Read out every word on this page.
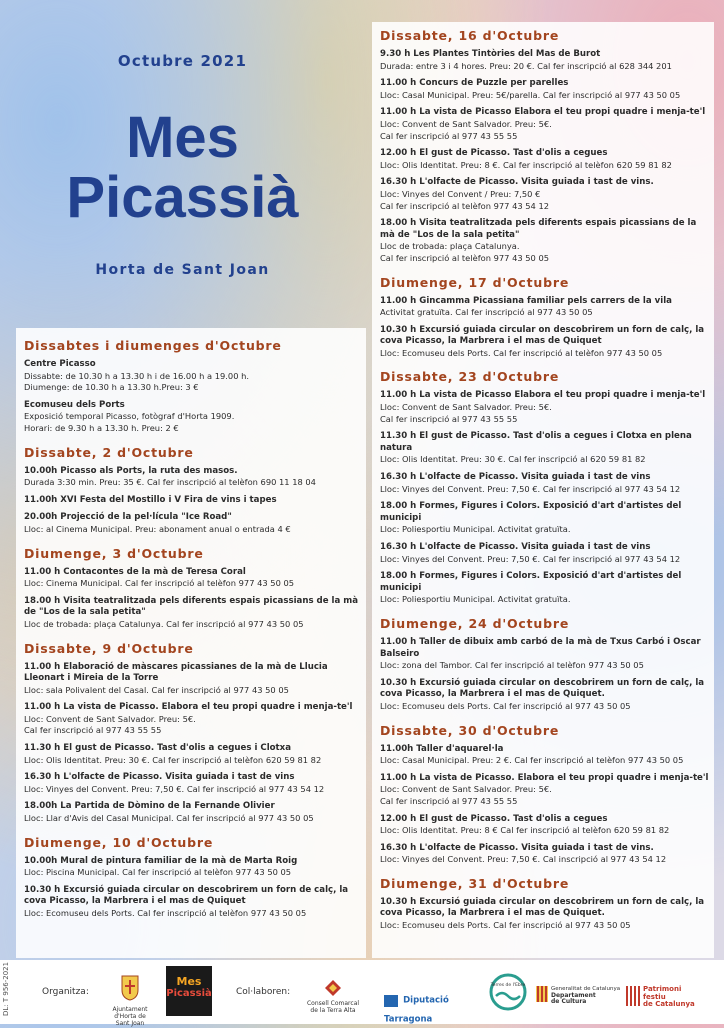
Octubre 2021
Mes
Picassià
Horta de Sant Joan
Dissabtes i diumenges d'Octubre
Centre Picasso
Dissabte: de 10.30 h a 13.30 h i de 16.00 h a 19.00 h.
Diumenge: de 10.30 h a 13.30 h.Preu: 3 €
Ecomuseu dels Ports
Exposició temporal Picasso, fotògraf d'Horta 1909.
Horari: de 9.30 h a 13.30 h. Preu: 2 €
Dissabte, 2 d'Octubre
10.00h Picasso als Ports, la ruta des masos.
Durada 3:30 min. Preu: 35 €. Cal fer inscripció al telèfon 690 11 18 04
11.00h XVI Festa del Mostillo i V Fira de vins i tapes
20.00h Projecció de la pel·lícula "Ice Road"
Lloc: al Cinema Municipal. Preu: abonament anual o entrada 4 €
Diumenge, 3 d'Octubre
11.00 h Contacontes de la mà de Teresa Coral
Lloc: Cinema Municipal. Cal fer inscripció al telèfon 977 43 50 05
18.00 h Visita teatralitzada pels diferents espais picassians de la mà de "Los de la sala petita"
Lloc de trobada: plaça Catalunya. Cal fer inscripció al 977 43 50 05
Dissabte, 9 d'Octubre
11.00 h Elaboració de màscares picassianes de la mà de Llucia Lleonart i Mireia de la Torre
Lloc: sala Polivalent del Casal. Cal fer inscripció al 977 43 50 05
11.00 h La vista de Picasso. Elabora el teu propi quadre i menja-te'l
Lloc: Convent de Sant Salvador. Preu: 5€.
Cal fer inscripció al 977 43 55 55
11.30 h El gust de Picasso. Tast d'olis a cegues i Clotxa
Lloc: Olis Identitat. Preu: 30 €. Cal fer inscripció al telèfon 620 59 81 82
16.30 h L'olfacte de Picasso. Visita guiada i tast de vins
Lloc: Vinyes del Convent. Preu: 7,50 €. Cal fer inscripció al 977 43 54 12
18.00h La Partida de Dòmino de la Fernande Olivier
Lloc: Llar d'Avis del Casal Municipal. Cal fer inscripció al 977 43 50 05
Diumenge, 10 d'Octubre
10.00h Mural de pintura familiar de la mà de Marta Roig
Lloc: Piscina Municipal. Cal fer inscripció al telèfon 977 43 50 05
10.30 h Excursió guiada circular on descobrirem un forn de calç, la cova Picasso, la Marbrera i el mas de Quiquet
Lloc: Ecomuseu dels Ports. Cal fer inscripció al telèfon 977 43 50 05
Dissabte, 16 d'Octubre
9.30 h Les Plantes Tintòries del Mas de Burot
Durada: entre 3 i 4 hores. Preu: 20 €. Cal fer inscripció al 628 344 201
11.00 h Concurs de Puzzle per parelles
Lloc: Casal Municipal. Preu: 5€/parella. Cal fer inscripció al 977 43 50 05
11.00 h La vista de Picasso Elabora el teu propi quadre i menja-te'l
Lloc: Convent de Sant Salvador. Preu: 5€.
Cal fer inscripció al 977 43 55 55
12.00 h El gust de Picasso. Tast d'olis a cegues
Lloc: Olis Identitat. Preu: 8 €. Cal fer inscripció al telèfon 620 59 81 82
16.30 h L'olfacte de Picasso. Visita guiada i tast de vins.
Lloc: Vinyes del Convent / Preu: 7,50 €
Cal fer inscripció al telèfon 977 43 54 12
18.00 h Visita teatralitzada pels diferents espais picassians de la mà de "Los de la sala petita"
Lloc de trobada: plaça Catalunya.
Cal fer inscripció al telèfon 977 43 50 05
Diumenge, 17 d'Octubre
11.00 h Gincamma Picassiana familiar pels carrers de la vila
Activitat gratuïta. Cal fer inscripció al 977 43 50 05
10.30 h Excursió guiada circular on descobrirem un forn de calç, la cova Picasso, la Marbrera i el mas de Quiquet
Lloc: Ecomuseu dels Ports. Cal fer inscripció al telèfon 977 43 50 05
Dissabte, 23 d'Octubre
11.00 h La vista de Picasso Elabora el teu propi quadre i menja-te'l
Lloc: Convent de Sant Salvador. Preu: 5€.
Cal fer inscripció al 977 43 55 55
11.30 h El gust de Picasso. Tast d'olis a cegues i Clotxa en plena natura
Lloc: Olis Identitat. Preu: 30 €. Cal fer inscripció al 620 59 81 82
16.30 h L'olfacte de Picasso. Visita guiada i tast de vins
Lloc: Vinyes del Convent. Preu: 7,50 €. Cal fer inscripció al 977 43 54 12
18.00 h Formes, Figures i Colors. Exposició d'art d'artistes del municipi
Lloc: Poliesportiu Municipal. Activitat gratuïta.
16.30 h L'olfacte de Picasso. Visita guiada i tast de vins
Lloc: Vinyes del Convent. Preu: 7,50 €. Cal fer inscripció al 977 43 54 12
18.00 h Formes, Figures i Colors. Exposició d'art d'artistes del municipi
Lloc: Poliesportiu Municipal. Activitat gratuïta.
Diumenge, 24 d'Octubre
11.00 h Taller de dibuix amb carbó de la mà de Txus Carbó i Oscar Balseiro
Lloc: zona del Tambor. Cal fer inscripció al telèfon 977 43 50 05
10.30 h Excursió guiada circular on descobrirem un forn de calç, la cova Picasso, la Marbrera i el mas de Quiquet.
Lloc: Ecomuseu dels Ports. Cal fer inscripció al 977 43 50 05
Dissabte, 30 d'Octubre
11.00h Taller d'aquarel·la
Lloc: Casal Municipal. Preu: 2 €. Cal fer inscripció al telèfon 977 43 50 05
11.00 h La vista de Picasso. Elabora el teu propi quadre i menja-te'l
Lloc: Convent de Sant Salvador. Preu: 5€.
Cal fer inscripció al 977 43 55 55
12.00 h El gust de Picasso. Tast d'olis a cegues
Lloc: Olis Identitat. Preu: 8 € Cal fer inscripció al telèfon 620 59 81 82
16.30 h L'olfacte de Picasso. Visita guiada i tast de vins.
Lloc: Vinyes del Convent. Preu: 7,50 €. Cal inscripció al 977 43 54 12
Diumenge, 31 d'Octubre
10.30 h Excursió guiada circular on descobrirem un forn de calç, la cova Picasso, la Marbrera i el mas de Quiquet.
Lloc: Ecomuseu dels Ports. Cal fer inscripció al 977 43 50 05
DL: T 956-2021	Organitza:
Ajuntament
d'Horta de Sant Joan
Mes
Picassià	Col·laboren:
Consell Comarcal
de la Terra Alta
Diputació Tarragona
Terres de l'Ebre
Generalitat de Catalunya
Departament
de Cultura
Patrimoni
festiu
de Catalunya
